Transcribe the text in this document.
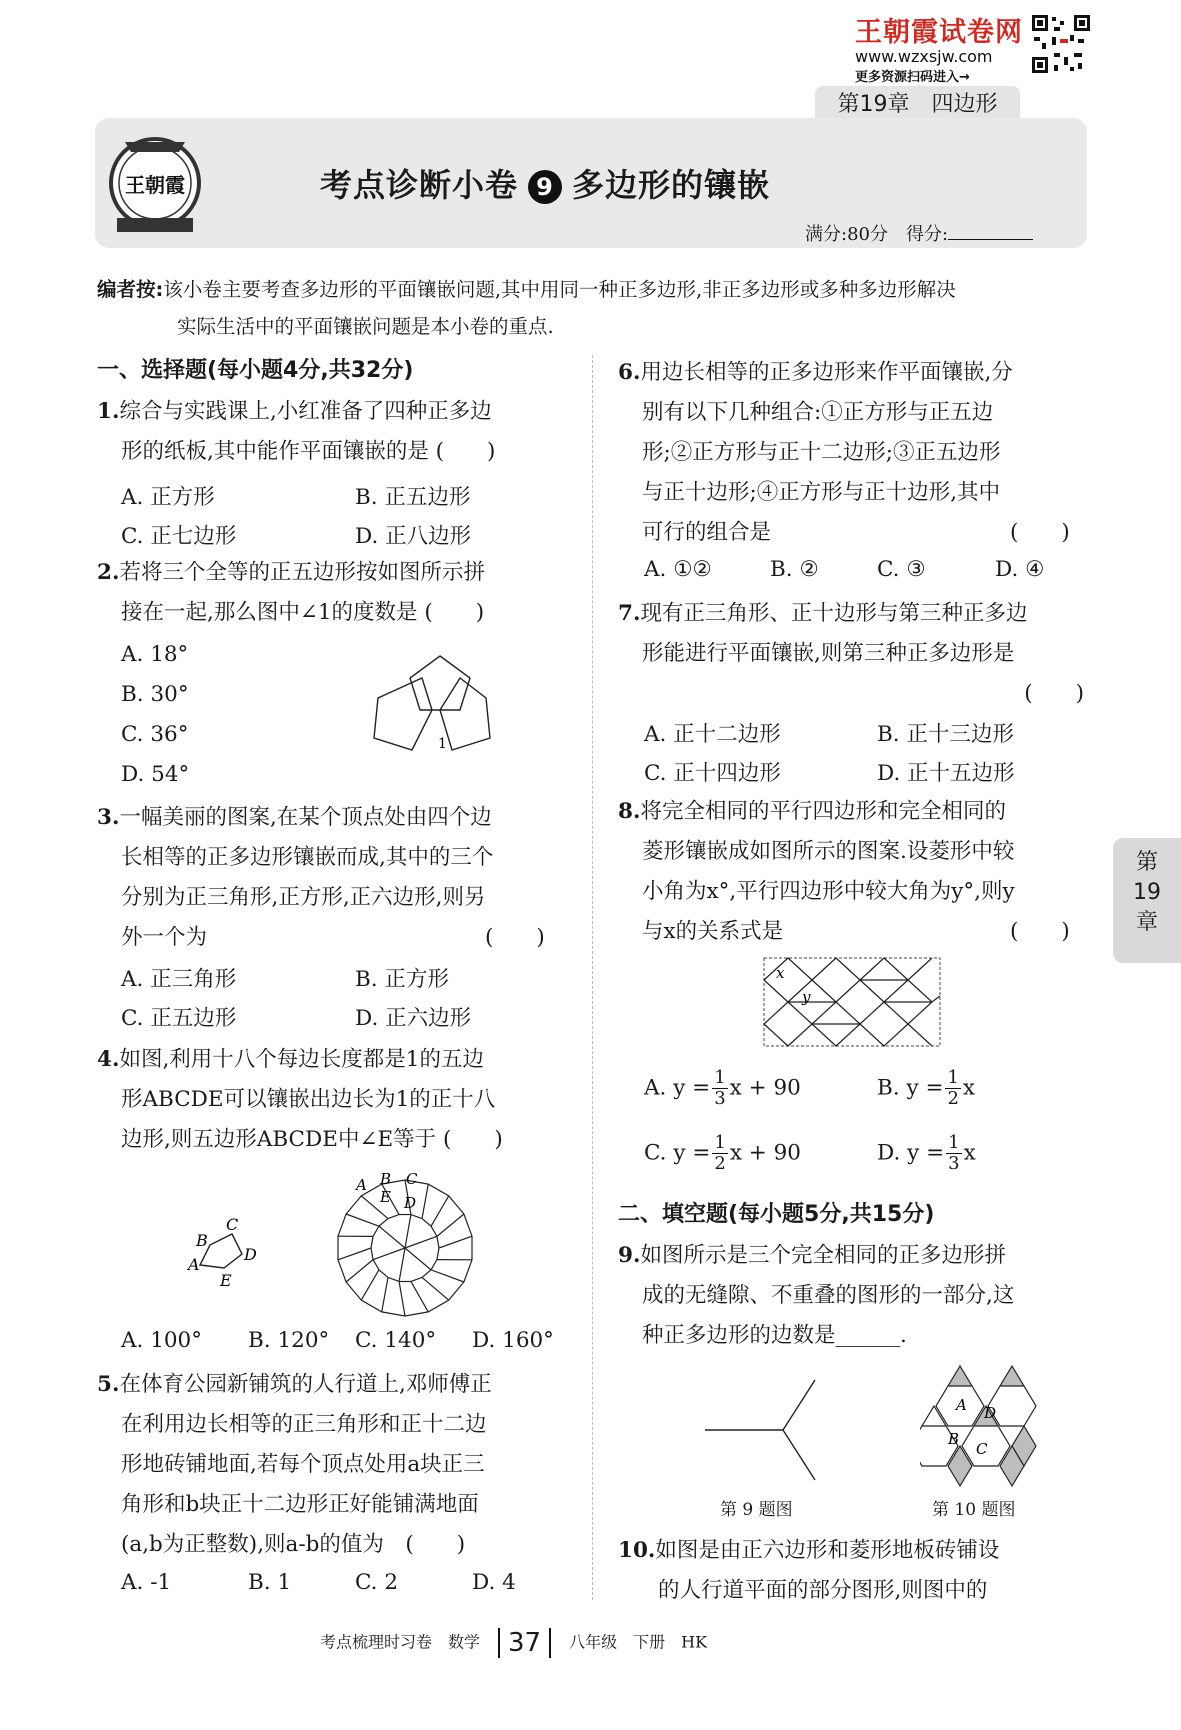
王朝霞试卷网
www.wzxsjw.com
更多资源扫码进入→
第19章　四边形
王朝霞	考点诊断小卷 9 多边形的镶嵌
满分:80分　 得分:
编者按:该小卷主要考查多边形的平面镶嵌问题,其中用同一种正多边形,非正多边形或多种多边形解决
实际生活中的平面镶嵌问题是本小卷的重点.
一、选择题(每小题4分,共32分)
1.综合与实践课上,小红准备了四种正多边
形的纸板,其中能作平面镶嵌的是 (　　)
A. 正方形	B. 正五边形
C. 正七边形	D. 正八边形
2.若将三个全等的正五边形按如图所示拼
接在一起,那么图中∠1的度数是 (　　)
A. 18°
B. 30°
C. 36°
D. 54°
1
3.一幅美丽的图案,在某个顶点处由四个边
长相等的正多边形镶嵌而成,其中的三个
分别为正三角形,正方形,正六边形,则另
外一个为	(　　)
A. 正三角形	B. 正方形
C. 正五边形	D. 正六边形
4.如图,利用十八个每边长度都是1的五边
形ABCDE可以镶嵌出边长为1的正十八
边形,则五边形ABCDE中∠E等于 (　　)
A
B
C
D
E
A B C
D
E
A. 100° B. 120° C. 140° D. 160°
5.在体育公园新铺筑的人行道上,邓师傅正
在利用边长相等的正三角形和正十二边
形地砖铺地面,若每个顶点处用a块正三
角形和b块正十二边形正好能铺满地面
(a,b为正整数),则a-b的值为　(　　)
A. -1	B. 1	C. 2	D. 4
6.用边长相等的正多边形来作平面镶嵌,分
别有以下几种组合:①正方形与正五边
形;②正方形与正十二边形;③正五边形
与正十边形;④正方形与正十边形,其中
可行的组合是	(　　)
A. ①②	B. ②	C. ③	D. ④
7.现有正三角形、正十边形与第三种正多边
形能进行平面镶嵌,则第三种正多边形是
(　　)
A. 正十二边形	B. 正十三边形
C. 正十四边形	D. 正十五边形
8.将完全相同的平行四边形和完全相同的
菱形镶嵌成如图所示的图案.设菱形中较
小角为x°,平行四边形中较大角为y°,则y
与x的关系式是	(　　)
x
y
A. $y = \frac{1}{3}$ x + 90	B. $y = \frac{1}{2}$ x
C. $y = \frac{1}{2}$ x + 90	D. $y = \frac{1}{3}$ x
二、填空题(每小题5分,共15分)
9.如图所示是三个完全相同的正多边形拼
成的无缝隙、不重叠的图形的一部分,这
种正多边形的边数是______.
第 9 题图
A D
B
C
第 10 题图
10.如图是由正六边形和菱形地板砖铺设
的人行道平面的部分图形,则图中的
第
19
章
考点梳理时习卷　数学 37 八年级　下册　HK
